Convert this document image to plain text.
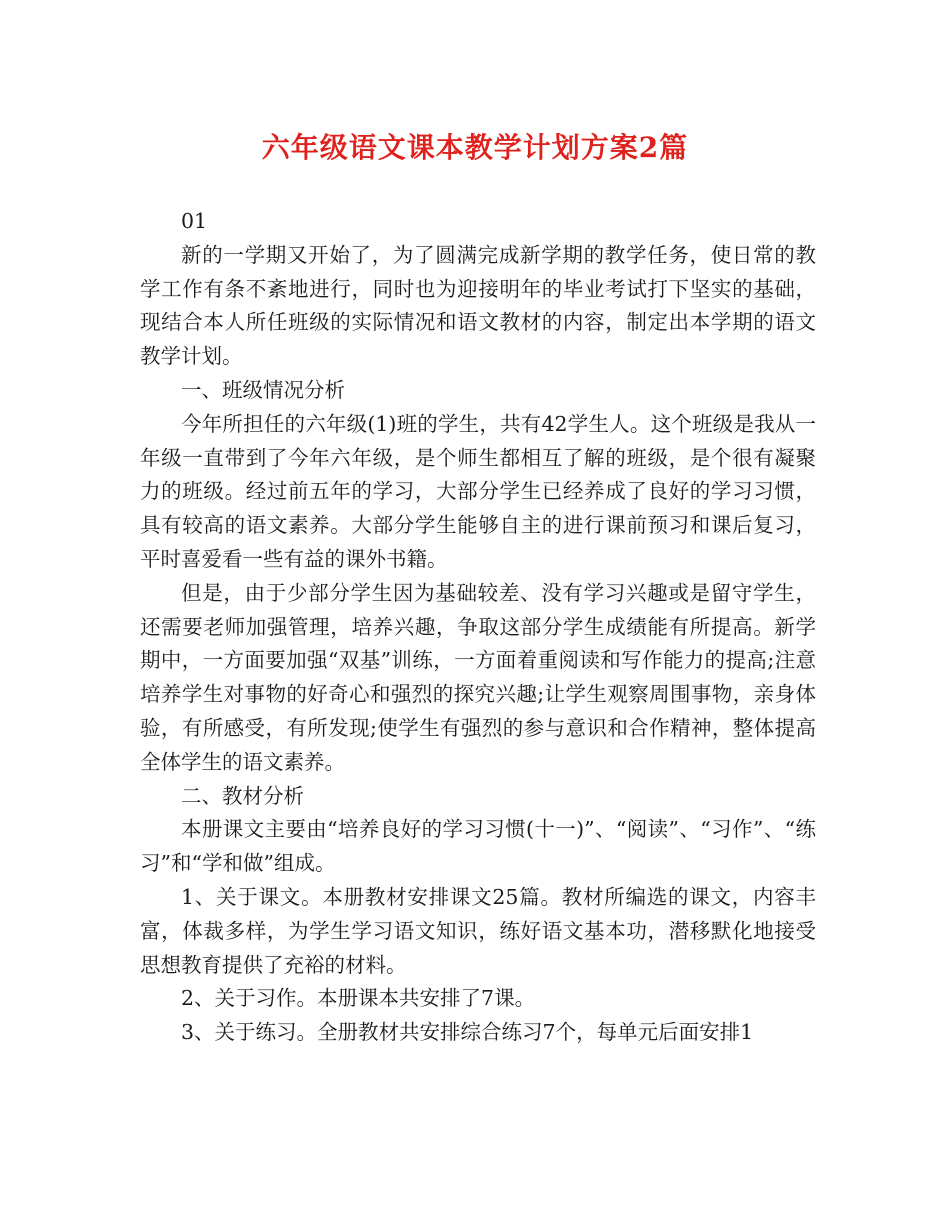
六年级语文课本教学计划方案2篇

01

新的一学期又开始了，为了圆满完成新学期的教学任务，使日常的教学工作有条不紊地进行，同时也为迎接明年的毕业考试打下坚实的基础，现结合本人所任班级的实际情况和语文教材的内容，制定出本学期的语文教学计划。

一、班级情况分析

今年所担任的六年级(1)班的学生，共有42学生人。这个班级是我从一年级一直带到了今年六年级，是个师生都相互了解的班级，是个很有凝聚力的班级。经过前五年的学习，大部分学生已经养成了良好的学习习惯，具有较高的语文素养。大部分学生能够自主的进行课前预习和课后复习，平时喜爱看一些有益的课外书籍。

但是，由于少部分学生因为基础较差、没有学习兴趣或是留守学生，还需要老师加强管理，培养兴趣，争取这部分学生成绩能有所提高。新学期中，一方面要加强“双基”训练，一方面着重阅读和写作能力的提高;注意培养学生对事物的好奇心和强烈的探究兴趣;让学生观察周围事物，亲身体验，有所感受，有所发现;使学生有强烈的参与意识和合作精神，整体提高全体学生的语文素养。

二、教材分析

本册课文主要由“培养良好的学习习惯(十一)”、“阅读”、“习作”、“练习”和“学和做”组成。

1、关于课文。本册教材安排课文25篇。教材所编选的课文，内容丰富，体裁多样，为学生学习语文知识，练好语文基本功，潜移默化地接受思想教育提供了充裕的材料。

2、关于习作。本册课本共安排了7课。

3、关于练习。全册教材共安排综合练习7个，每单元后面安排1
